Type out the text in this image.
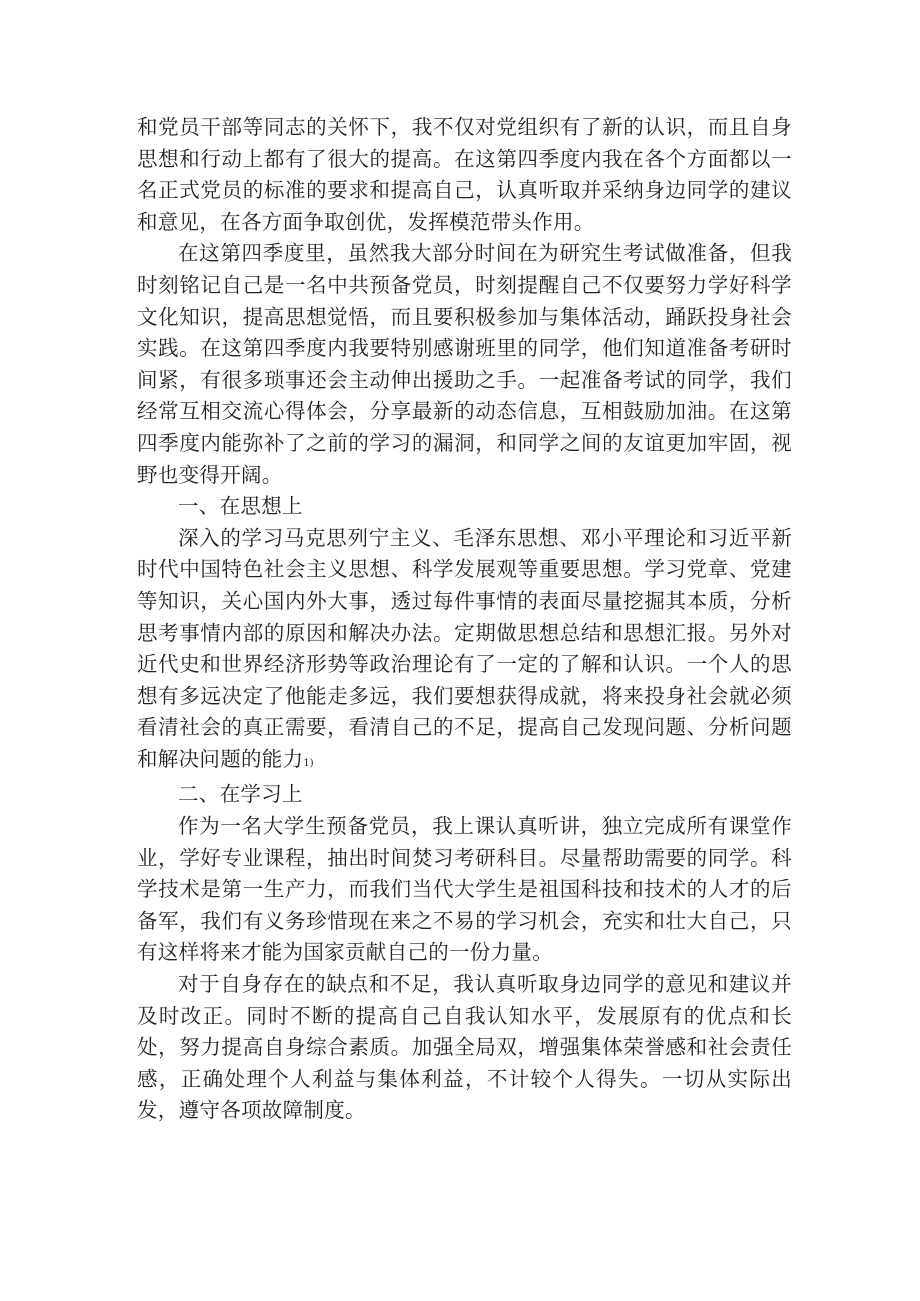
和党员干部等同志的关怀下，我不仅对党组织有了新的认识，而且自身思想和行动上都有了很大的提高。在这第四季度内我在各个方面都以一名正式党员的标准的要求和提高自己，认真听取并采纳身边同学的建议和意见，在各方面争取创优，发挥模范带头作用。

在这第四季度里，虽然我大部分时间在为研究生考试做准备，但我时刻铭记自己是一名中共预备党员，时刻提醒自己不仅要努力学好科学文化知识，提高思想觉悟，而且要积极参加与集体活动，踊跃投身社会实践。在这第四季度内我要特别感谢班里的同学，他们知道准备考研时间紧，有很多琐事还会主动伸出援助之手。一起准备考试的同学，我们经常互相交流心得体会，分享最新的动态信息，互相鼓励加油。在这第四季度内能弥补了之前的学习的漏洞，和同学之间的友谊更加牢固，视野也变得开阔。

一、在思想上

深入的学习马克思列宁主义、毛泽东思想、邓小平理论和习近平新时代中国特色社会主义思想、科学发展观等重要思想。学习党章、党建等知识，关心国内外大事，透过每件事情的表面尽量挖掘其本质，分析思考事情内部的原因和解决办法。定期做思想总结和思想汇报。另外对近代史和世界经济形势等政治理论有了一定的了解和认识。一个人的思想有多远决定了他能走多远，我们要想获得成就，将来投身社会就必须看清社会的真正需要，看清自己的不足，提高自己发现问题、分析问题和解决问题的能力1)

二、在学习上

作为一名大学生预备党员，我上课认真听讲，独立完成所有课堂作业，学好专业课程，抽出时间焚习考研科目。尽量帮助需要的同学。科学技术是第一生产力，而我们当代大学生是祖国科技和技术的人才的后备军，我们有义务珍惜现在来之不易的学习机会，充实和壮大自己，只有这样将来才能为国家贡献自己的一份力量。

对于自身存在的缺点和不足，我认真听取身边同学的意见和建议并及时改正。同时不断的提高自己自我认知水平，发展原有的优点和长处，努力提高自身综合素质。加强全局双，增强集体荣誉感和社会责任感，正确处理个人利益与集体利益，不计较个人得失。一切从实际出发，遵守各项故障制度。
